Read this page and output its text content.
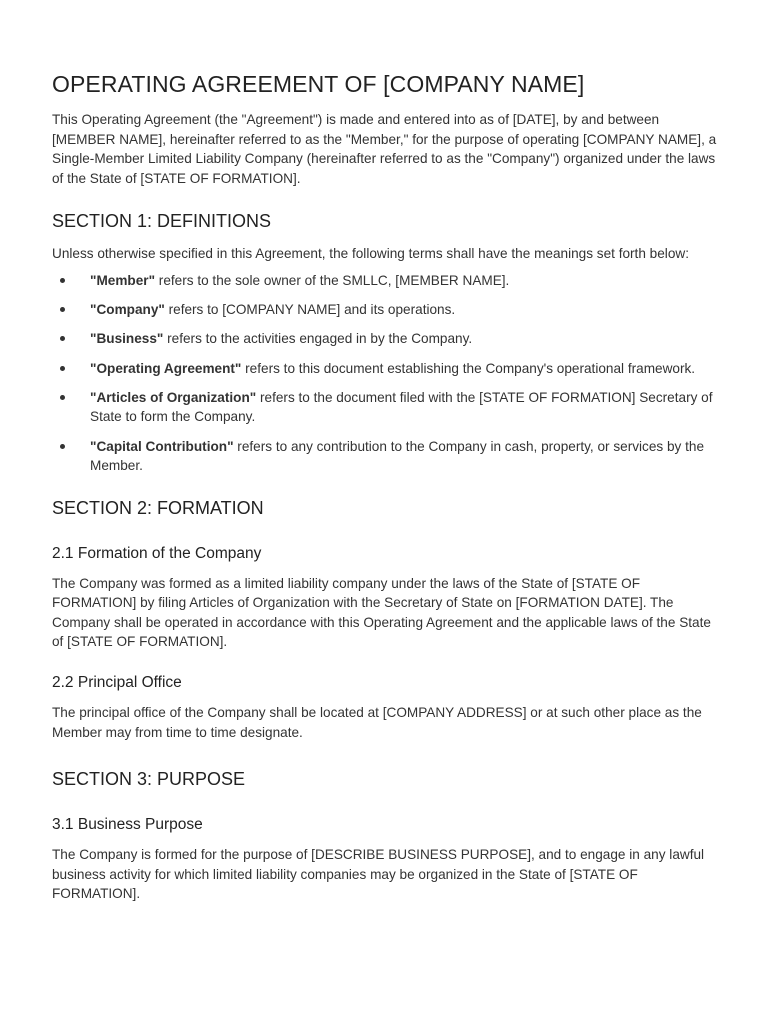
OPERATING AGREEMENT OF [COMPANY NAME]

This Operating Agreement (the "Agreement") is made and entered into as of [DATE], by and between [MEMBER NAME], hereinafter referred to as the "Member," for the purpose of operating [COMPANY NAME], a Single-Member Limited Liability Company (hereinafter referred to as the "Company") organized under the laws of the State of [STATE OF FORMATION].

SECTION 1: DEFINITIONS

Unless otherwise specified in this Agreement, the following terms shall have the meanings set forth below:

"Member" refers to the sole owner of the SMLLC, [MEMBER NAME].
"Company" refers to [COMPANY NAME] and its operations.
"Business" refers to the activities engaged in by the Company.
"Operating Agreement" refers to this document establishing the Company's operational framework.
"Articles of Organization" refers to the document filed with the [STATE OF FORMATION] Secretary of State to form the Company.
"Capital Contribution" refers to any contribution to the Company in cash, property, or services by the Member.
SECTION 2: FORMATION
2.1 Formation of the Company

The Company was formed as a limited liability company under the laws of the State of [STATE OF FORMATION] by filing Articles of Organization with the Secretary of State on [FORMATION DATE]. The Company shall be operated in accordance with this Operating Agreement and the applicable laws of the State of [STATE OF FORMATION].

2.2 Principal Office

The principal office of the Company shall be located at [COMPANY ADDRESS] or at such other place as the Member may from time to time designate.

SECTION 3: PURPOSE
3.1 Business Purpose

The Company is formed for the purpose of [DESCRIBE BUSINESS PURPOSE], and to engage in any lawful business activity for which limited liability companies may be organized in the State of [STATE OF FORMATION].
